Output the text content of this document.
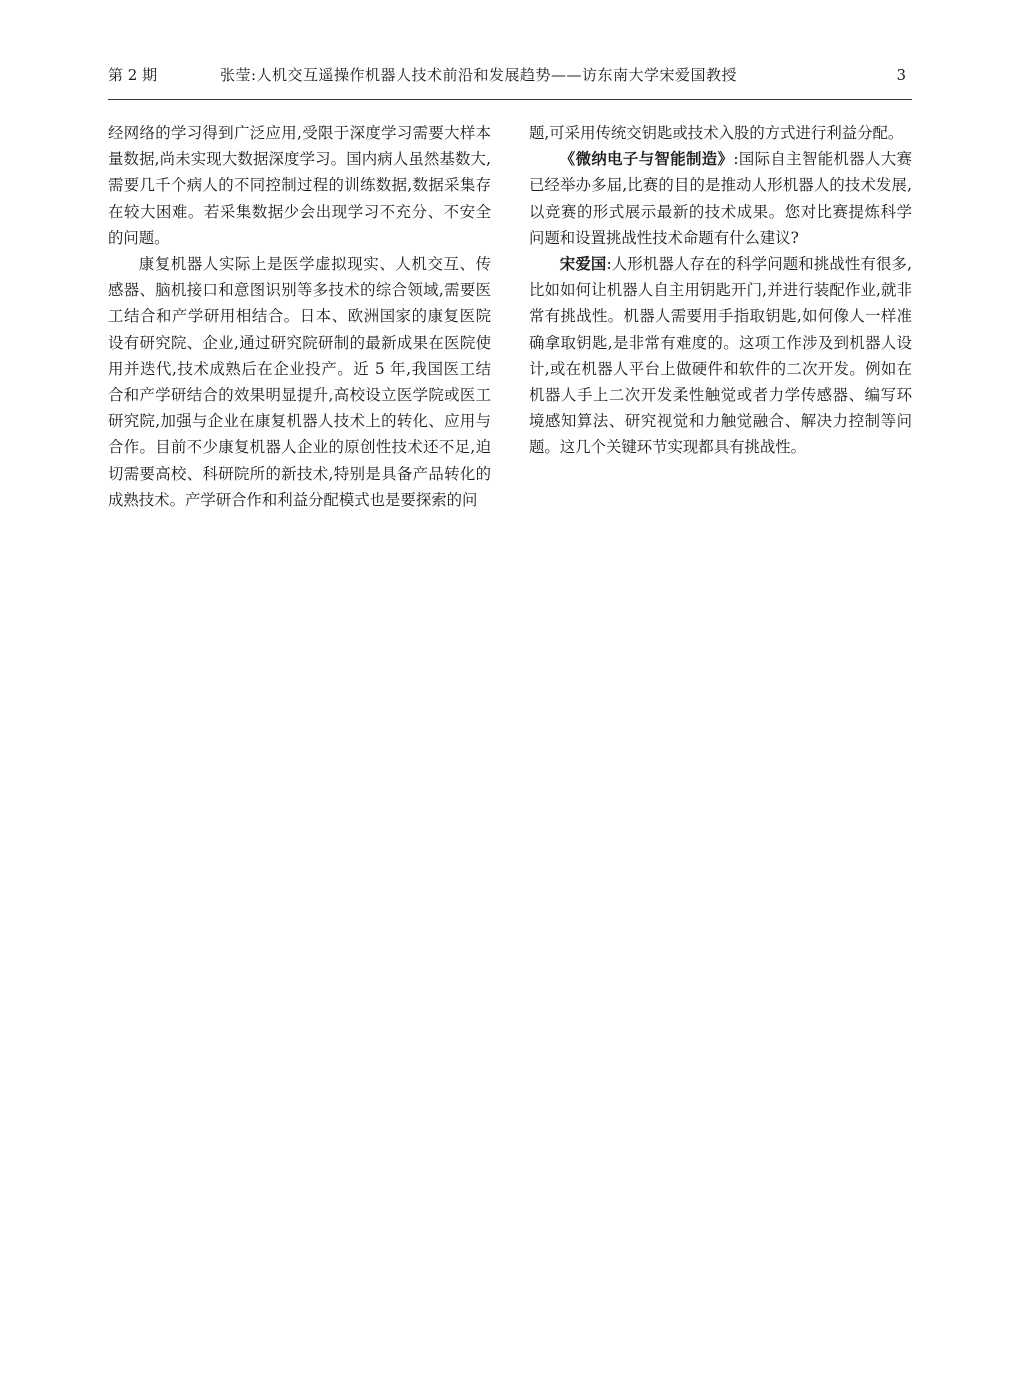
第 2 期	张莹:人机交互遥操作机器人技术前沿和发展趋势——访东南大学宋爱国教授	3

经网络的学习得到广泛应用,受限于深度学习需要大样本量数据,尚未实现大数据深度学习。国内病人虽然基数大,需要几千个病人的不同控制过程的训练数据,数据采集存在较大困难。若采集数据少会出现学习不充分、不安全的问题。

康复机器人实际上是医学虚拟现实、人机交互、传感器、脑机接口和意图识别等多技术的综合领域,需要医工结合和产学研用相结合。日本、欧洲国家的康复医院设有研究院、企业,通过研究院研制的最新成果在医院使用并迭代,技术成熟后在企业投产。近 5 年,我国医工结合和产学研结合的效果明显提升,高校设立医学院或医工研究院,加强与企业在康复机器人技术上的转化、应用与合作。目前不少康复机器人企业的原创性技术还不足,迫切需要高校、科研院所的新技术,特别是具备产品转化的成熟技术。产学研合作和利益分配模式也是要探索的问

题,可采用传统交钥匙或技术入股的方式进行利益分配。

《微纳电子与智能制造》:国际自主智能机器人大赛已经举办多届,比赛的目的是推动人形机器人的技术发展,以竞赛的形式展示最新的技术成果。您对比赛提炼科学问题和设置挑战性技术命题有什么建议?

宋爱国:人形机器人存在的科学问题和挑战性有很多,比如如何让机器人自主用钥匙开门,并进行装配作业,就非常有挑战性。机器人需要用手指取钥匙,如何像人一样准确拿取钥匙,是非常有难度的。这项工作涉及到机器人设计,或在机器人平台上做硬件和软件的二次开发。例如在机器人手上二次开发柔性触觉或者力学传感器、编写环境感知算法、研究视觉和力触觉融合、解决力控制等问题。这几个关键环节实现都具有挑战性。
